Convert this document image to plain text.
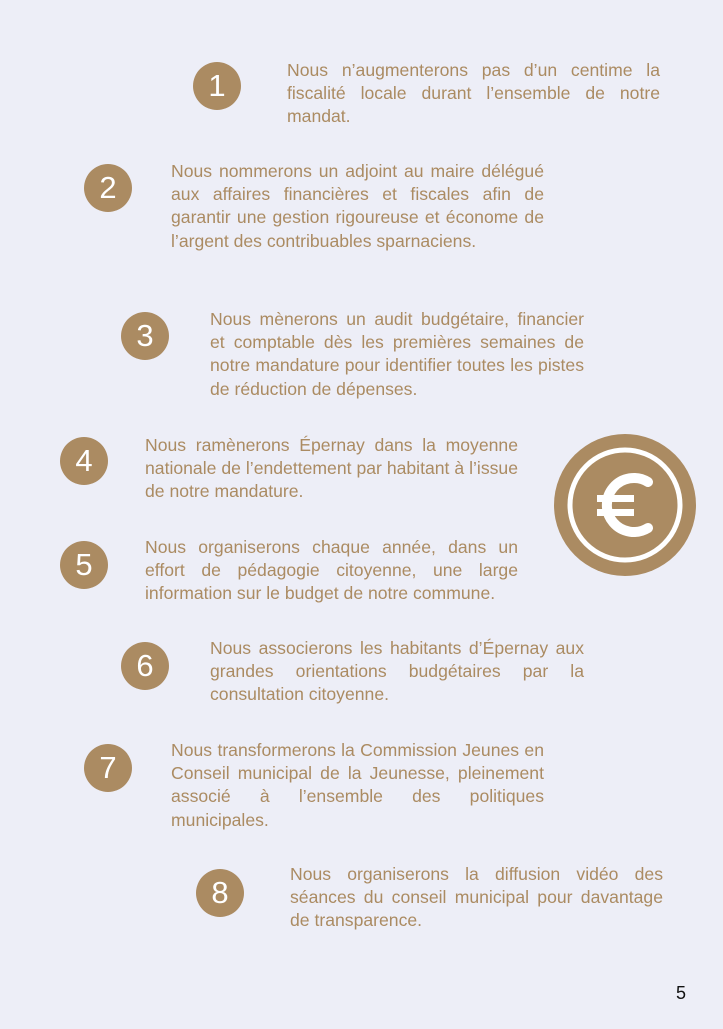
1	Nous n’augmenterons pas d’un centime la fiscalité locale durant l’ensemble de notre mandat.

2	Nous nommerons un adjoint au maire délégué aux affaires financières et fiscales afin de garantir une gestion rigoureuse et économe de l’argent des contribuables sparnaciens.

3	Nous mènerons un audit budgétaire, financier et comptable dès les premières semaines de notre mandature pour identifier toutes les pistes de réduction de dépenses.

4	Nous ramènerons Épernay dans la moyenne nationale de l’endettement par habitant à l’issue de notre mandature.

5	Nous organiserons chaque année, dans un effort de pédagogie citoyenne, une large information sur le budget de notre commune.

6	Nous associerons les habitants d’Épernay aux grandes orientations budgétaires par la consultation citoyenne.

7	Nous transformerons la Commission Jeunes en Conseil municipal de la Jeunesse, pleinement associé à l’ensemble des politiques municipales.

8

Nous organiserons la diffusion vidéo des séances du conseil municipal pour davantage de transparence.

5
